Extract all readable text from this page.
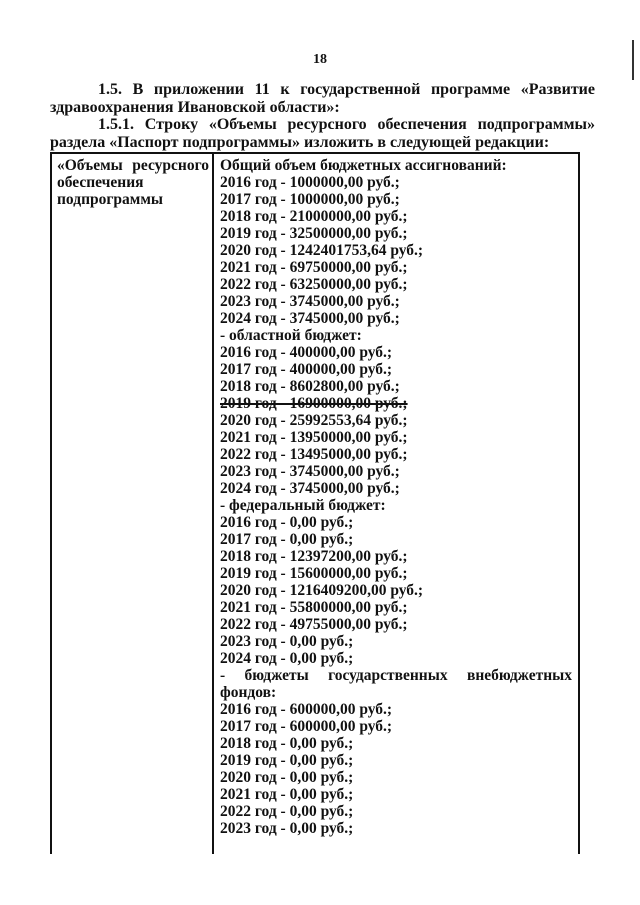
18
1.5. В приложении 11 к государственной программе «Развитие
здравоохранения Ивановской области»:
1.5.1. Строку «Объемы ресурсного обеспечения подпрограммы»
раздела «Паспорт подпрограммы» изложить в следующей редакции:
«Объемы ресурсного
обеспечения
подпрограммы
Общий объем бюджетных ассигнований:
2016 год - 1000000,00 руб.;
2017 год - 1000000,00 руб.;
2018 год - 21000000,00 руб.;
2019 год - 32500000,00 руб.;
2020 год - 1242401753,64 руб.;
2021 год - 69750000,00 руб.;
2022 год - 63250000,00 руб.;
2023 год - 3745000,00 руб.;
2024 год - 3745000,00 руб.;
- областной бюджет:
2016 год - 400000,00 руб.;
2017 год - 400000,00 руб.;
2018 год - 8602800,00 руб.;
2019 год - 16900000,00 руб.;
2020 год - 25992553,64 руб.;
2021 год - 13950000,00 руб.;
2022 год - 13495000,00 руб.;
2023 год - 3745000,00 руб.;
2024 год - 3745000,00 руб.;
- федеральный бюджет:
2016 год - 0,00 руб.;
2017 год - 0,00 руб.;
2018 год - 12397200,00 руб.;
2019 год - 15600000,00 руб.;
2020 год - 1216409200,00 руб.;
2021 год - 55800000,00 руб.;
2022 год - 49755000,00 руб.;
2023 год - 0,00 руб.;
2024 год - 0,00 руб.;
- бюджеты государственных внебюджетных
фондов:
2016 год - 600000,00 руб.;
2017 год - 600000,00 руб.;
2018 год - 0,00 руб.;
2019 год - 0,00 руб.;
2020 год - 0,00 руб.;
2021 год - 0,00 руб.;
2022 год - 0,00 руб.;
2023 год - 0,00 руб.;
